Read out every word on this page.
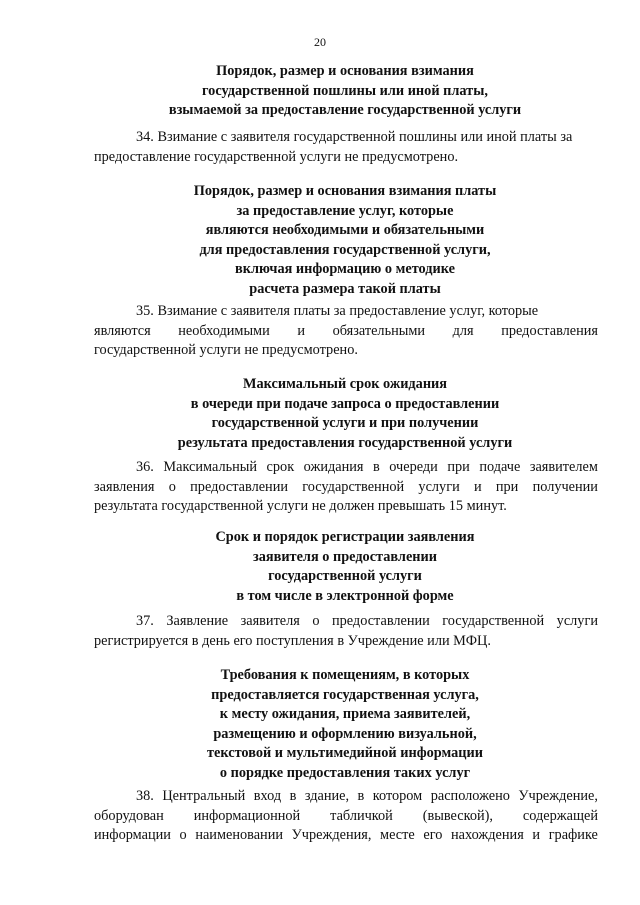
20
Порядок, размер и основания взимания
государственной пошлины или иной платы,
взымаемой за предоставление государственной услуги
34. Взимание с заявителя государственной пошлины или иной платы за
предоставление государственной услуги не предусмотрено.
Порядок, размер и основания взимания платы
за предоставление услуг, которые
являются необходимыми и обязательными
для предоставления государственной услуги,
включая информацию о методике
расчета размера такой платы
35. Взимание с заявителя платы за предоставление услуг, которые
являются необходимыми и обязательными для предоставления
государственной услуги не предусмотрено.
Максимальный срок ожидания
в очереди при подаче запроса о предоставлении
государственной услуги и при получении
результата предоставления государственной услуги
36. Максимальный срок ожидания в очереди при подаче заявителем
заявления о предоставлении государственной услуги и при получении
результата государственной услуги не должен превышать 15 минут.
Срок и порядок регистрации заявления
заявителя о предоставлении
государственной услуги
в том числе в электронной форме
37. Заявление заявителя о предоставлении государственной услуги
регистрируется в день его поступления в Учреждение или МФЦ.
Требования к помещениям, в которых
предоставляется государственная услуга,
к месту ожидания, приема заявителей,
размещению и оформлению визуальной,
текстовой и мультимедийной информации
о порядке предоставления таких услуг
38. Центральный вход в здание, в котором расположено Учреждение,
оборудован информационной табличкой (вывеской), содержащей
информации о наименовании Учреждения, месте его нахождения и графике
